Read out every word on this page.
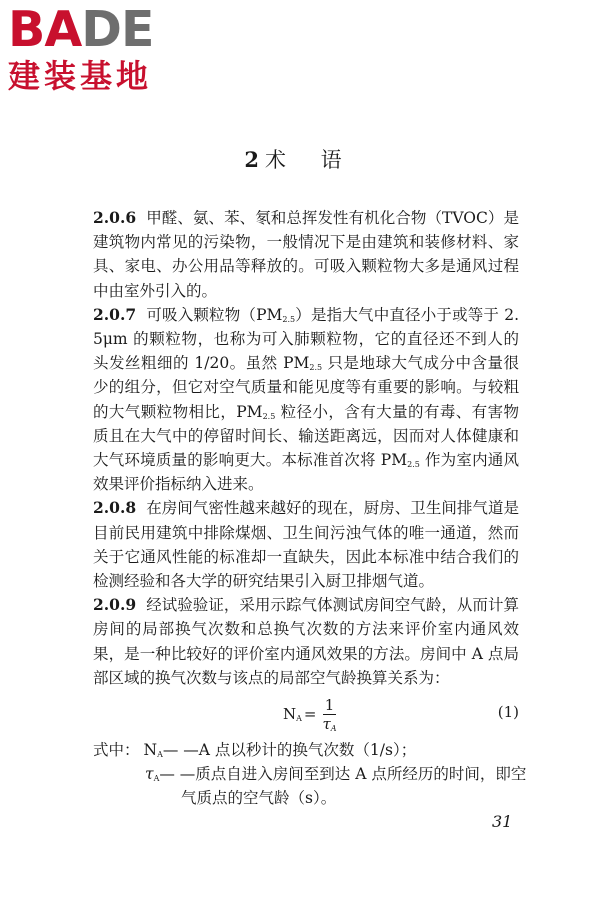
BADE
建装基地
2 术 语

2.0.6 甲醛、氨、苯、氡和总挥发性有机化合物（TVOC）是建筑物内常见的污染物，一般情况下是由建筑和装修材料、家具、家电、办公用品等释放的。可吸入颗粒物大多是通风过程中由室外引入的。

2.0.7 可吸入颗粒物$(PM_{2.5})$是指大气中直径小于或等于 2.5μm 的颗粒物，也称为可入肺颗粒物，它的直径还不到人的头发丝粗细的 1/20。虽然 $PM_{2.5}$ 只是地球大气成分中含量很少的组分，但它对空气质量和能见度等有重要的影响。与较粗的大气颗粒物相比，$PM_{2.5}$ 粒径小，含有大量的有毒、有害物质且在大气中的停留时间长、输送距离远，因而对人体健康和大气环境质量的影响更大。本标准首次将 $PM_{2.5}$ 作为室内通风效果评价指标纳入进来。

2.0.8 在房间气密性越来越好的现在，厨房、卫生间排气道是目前民用建筑中排除煤烟、卫生间污浊气体的唯一通道，然而关于它通风性能的标准却一直缺失，因此本标准中结合我们的检测经验和各大学的研究结果引入厨卫排烟气道。

2.0.9 经试验验证，采用示踪气体测试房间空气龄，从而计算房间的局部换气次数和总换气次数的方法来评价室内通风效果，是一种比较好的评价室内通风效果的方法。房间中 A 点局部区域的换气次数与该点的局部空气龄换算关系为：

$N_A = \frac{1}{\tau_A}$	(1)
式中： $N_A—$ —A 点以秒计的换气次数（1/s）；
$\tau_A—$ —质点自进入房间至到达 A 点所经历的时间，即空
气质点的空气龄（s）。
31
